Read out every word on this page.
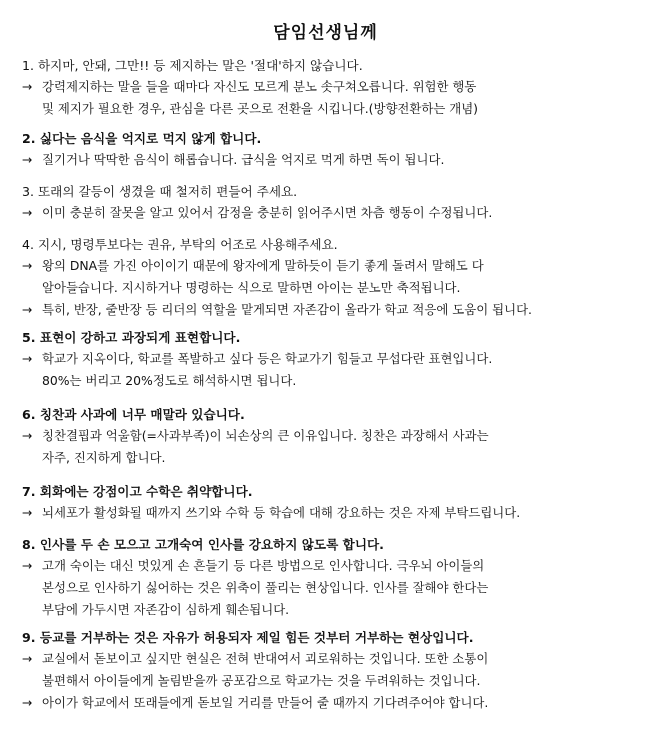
담임선생님께
1. 하지마, 안돼, 그만!! 등 제지하는 말은 '절대'하지 않습니다.
→ 강력제지하는 말을 들을 때마다 자신도 모르게 분노 솟구쳐오릅니다. 위험한 행동
및 제지가 필요한 경우, 관심을 다른 곳으로 전환을 시킵니다.(방향전환하는 개념)
2. 싫다는 음식을 억지로 먹지 않게 합니다.
→ 질기거나 딱딱한 음식이 해롭습니다. 급식을 억지로 먹게 하면 독이 됩니다.
3. 또래의 갈등이 생겼을 때 철저히 편들어 주세요.
→ 이미 충분히 잘못을 알고 있어서 감정을 충분히 읽어주시면 차츰 행동이 수정됩니다.
4. 지시, 명령투보다는 권유, 부탁의 어조로 사용해주세요.
→ 왕의 DNA를 가진 아이이기 때문에 왕자에게 말하듯이 듣기 좋게 돌려서 말해도 다
알아들습니다. 지시하거나 명령하는 식으로 말하면 아이는 분노만 축적됩니다.
→ 특히, 반장, 줄반장 등 리더의 역할을 맡게되면 자존감이 올라가 학교 적응에 도움이 됩니다.
5. 표현이 강하고 과장되게 표현합니다.
→ 학교가 지옥이다, 학교를 폭발하고 싶다 등은 학교가기 힘들고 무섭다란 표현입니다.
80%는 버리고 20%정도로 해석하시면 됩니다.
6. 칭찬과 사과에 너무 매말라 있습니다.
→ 칭찬결핍과 억울함(=사과부족)이 뇌손상의 큰 이유입니다. 칭찬은 과장해서 사과는
자주, 진지하게 합니다.
7. 회화에는 강점이고 수학은 취약합니다.
→ 뇌세포가 활성화될 때까지 쓰기와 수학 등 학습에 대해 강요하는 것은 자제 부탁드립니다.
8. 인사를 두 손 모으고 고개숙여 인사를 강요하지 않도록 합니다.
→ 고개 숙이는 대신 멋있게 손 흔들기 등 다른 방법으로 인사합니다. 극우뇌 아이들의
본성으로 인사하기 싫어하는 것은 위축이 풀리는 현상입니다. 인사를 잘해야 한다는
부담에 가두시면 자존감이 심하게 훼손됩니다.
9. 등교를 거부하는 것은 자유가 허용되자 제일 힘든 것부터 거부하는 현상입니다.
→ 교실에서 돋보이고 싶지만 현실은 전혀 반대여서 괴로워하는 것입니다. 또한 소통이
불편해서 아이들에게 놀림받을까 공포감으로 학교가는 것을 두려워하는 것입니다.
→ 아이가 학교에서 또래들에게 돋보일 거리를 만들어 줄 때까지 기다려주어야 합니다.
